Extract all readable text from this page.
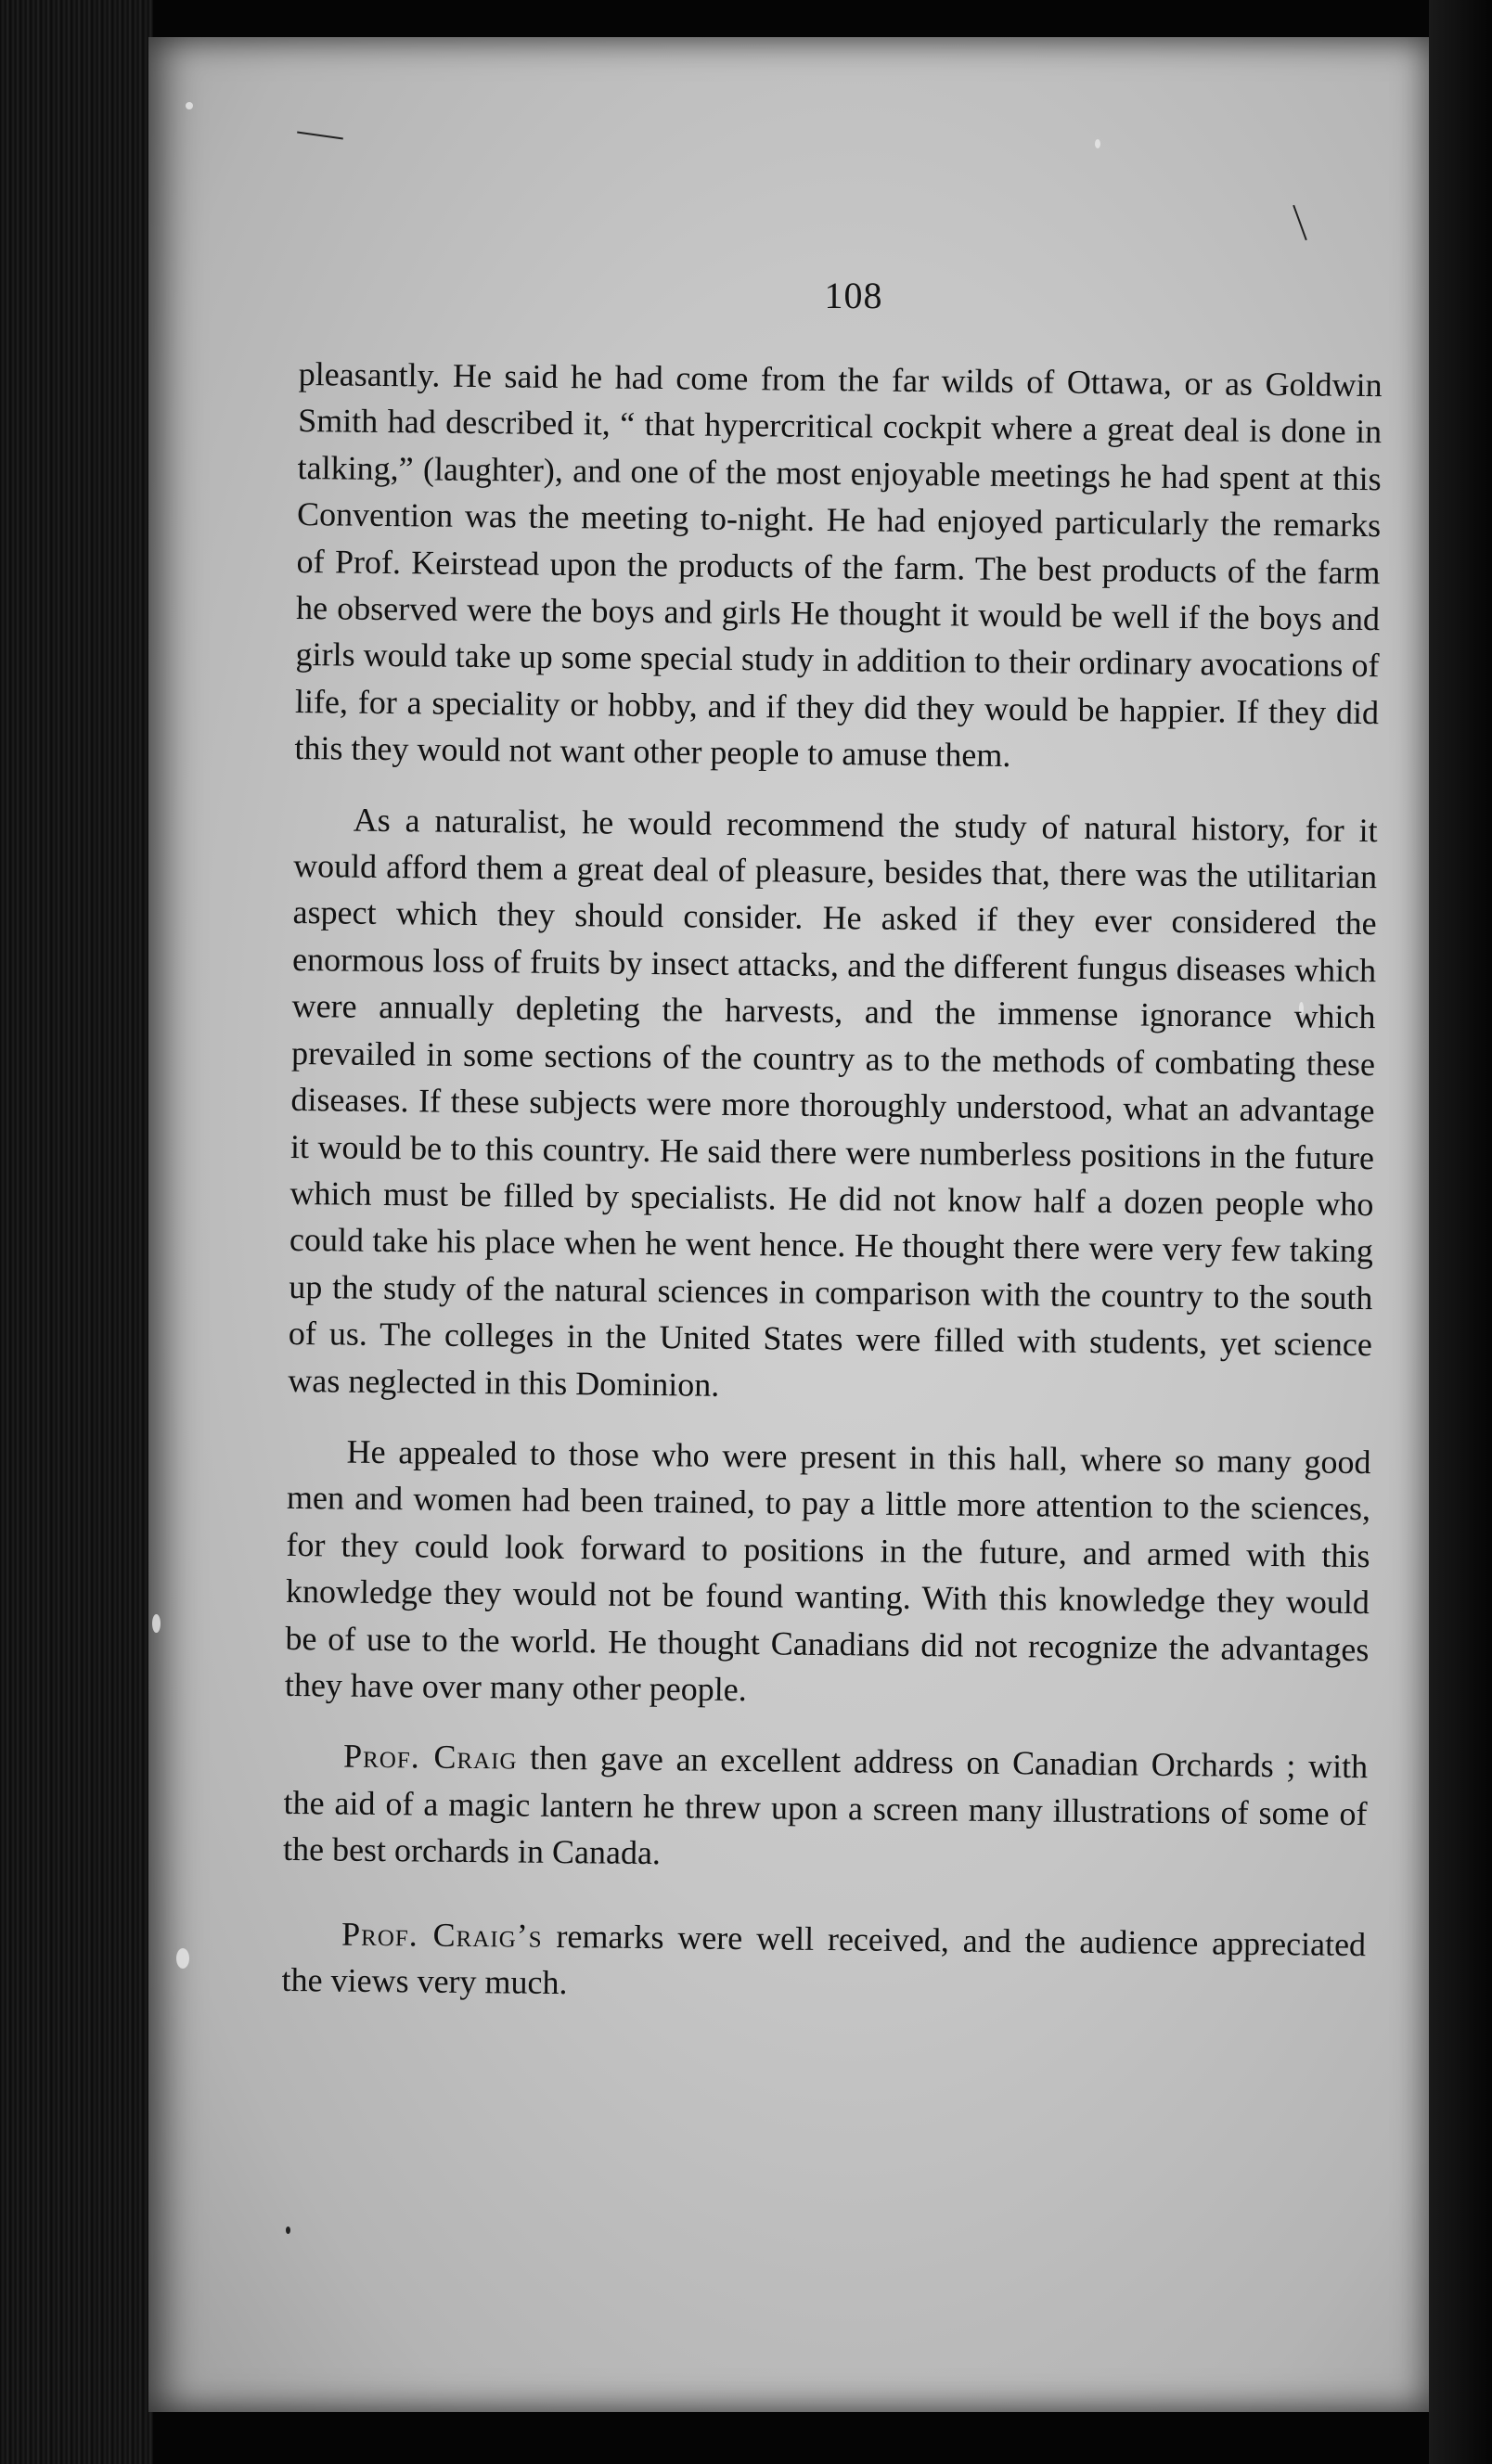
108

pleasantly. He said he had come from the far wilds of Ottawa, or as Goldwin Smith had described it, “ that hypercritical cockpit where a great deal is done in talking,” (laughter), and one of the most enjoyable meetings he had spent at this Convention was the meeting to-night. He had enjoyed particularly the remarks of Prof. Keirstead upon the products of the farm. The best products of the farm he observed were the boys and girls He thought it would be well if the boys and girls would take up some special study in addition to their ordinary avocations of life, for a speciality or hobby, and if they did they would be happier. If they did this they would not want other people to amuse them.

As a naturalist, he would recommend the study of natural history, for it would afford them a great deal of pleasure, besides that, there was the utilitarian aspect which they should consider. He asked if they ever considered the enormous loss of fruits by insect attacks, and the different fungus diseases which were annually depleting the harvests, and the immense ignorance which prevailed in some sections of the country as to the methods of combating these diseases. If these subjects were more thoroughly understood, what an advantage it would be to this country. He said there were numberless positions in the future which must be filled by specialists. He did not know half a dozen people who could take his place when he went hence. He thought there were very few taking up the study of the natural sciences in comparison with the country to the south of us. The colleges in the United States were filled with students, yet science was neglected in this Dominion.

He appealed to those who were present in this hall, where so many good men and women had been trained, to pay a little more attention to the sciences, for they could look forward to positions in the future, and armed with this knowledge they would not be found wanting. With this knowledge they would be of use to the world. He thought Canadians did not recognize the advantages they have over many other people.

Prof. Craig then gave an excellent address on Canadian Orchards ; with the aid of a magic lantern he threw upon a screen many illustrations of some of the best orchards in Canada.

Prof. Craig’s remarks were well received, and the audience appreciated the views very much.
